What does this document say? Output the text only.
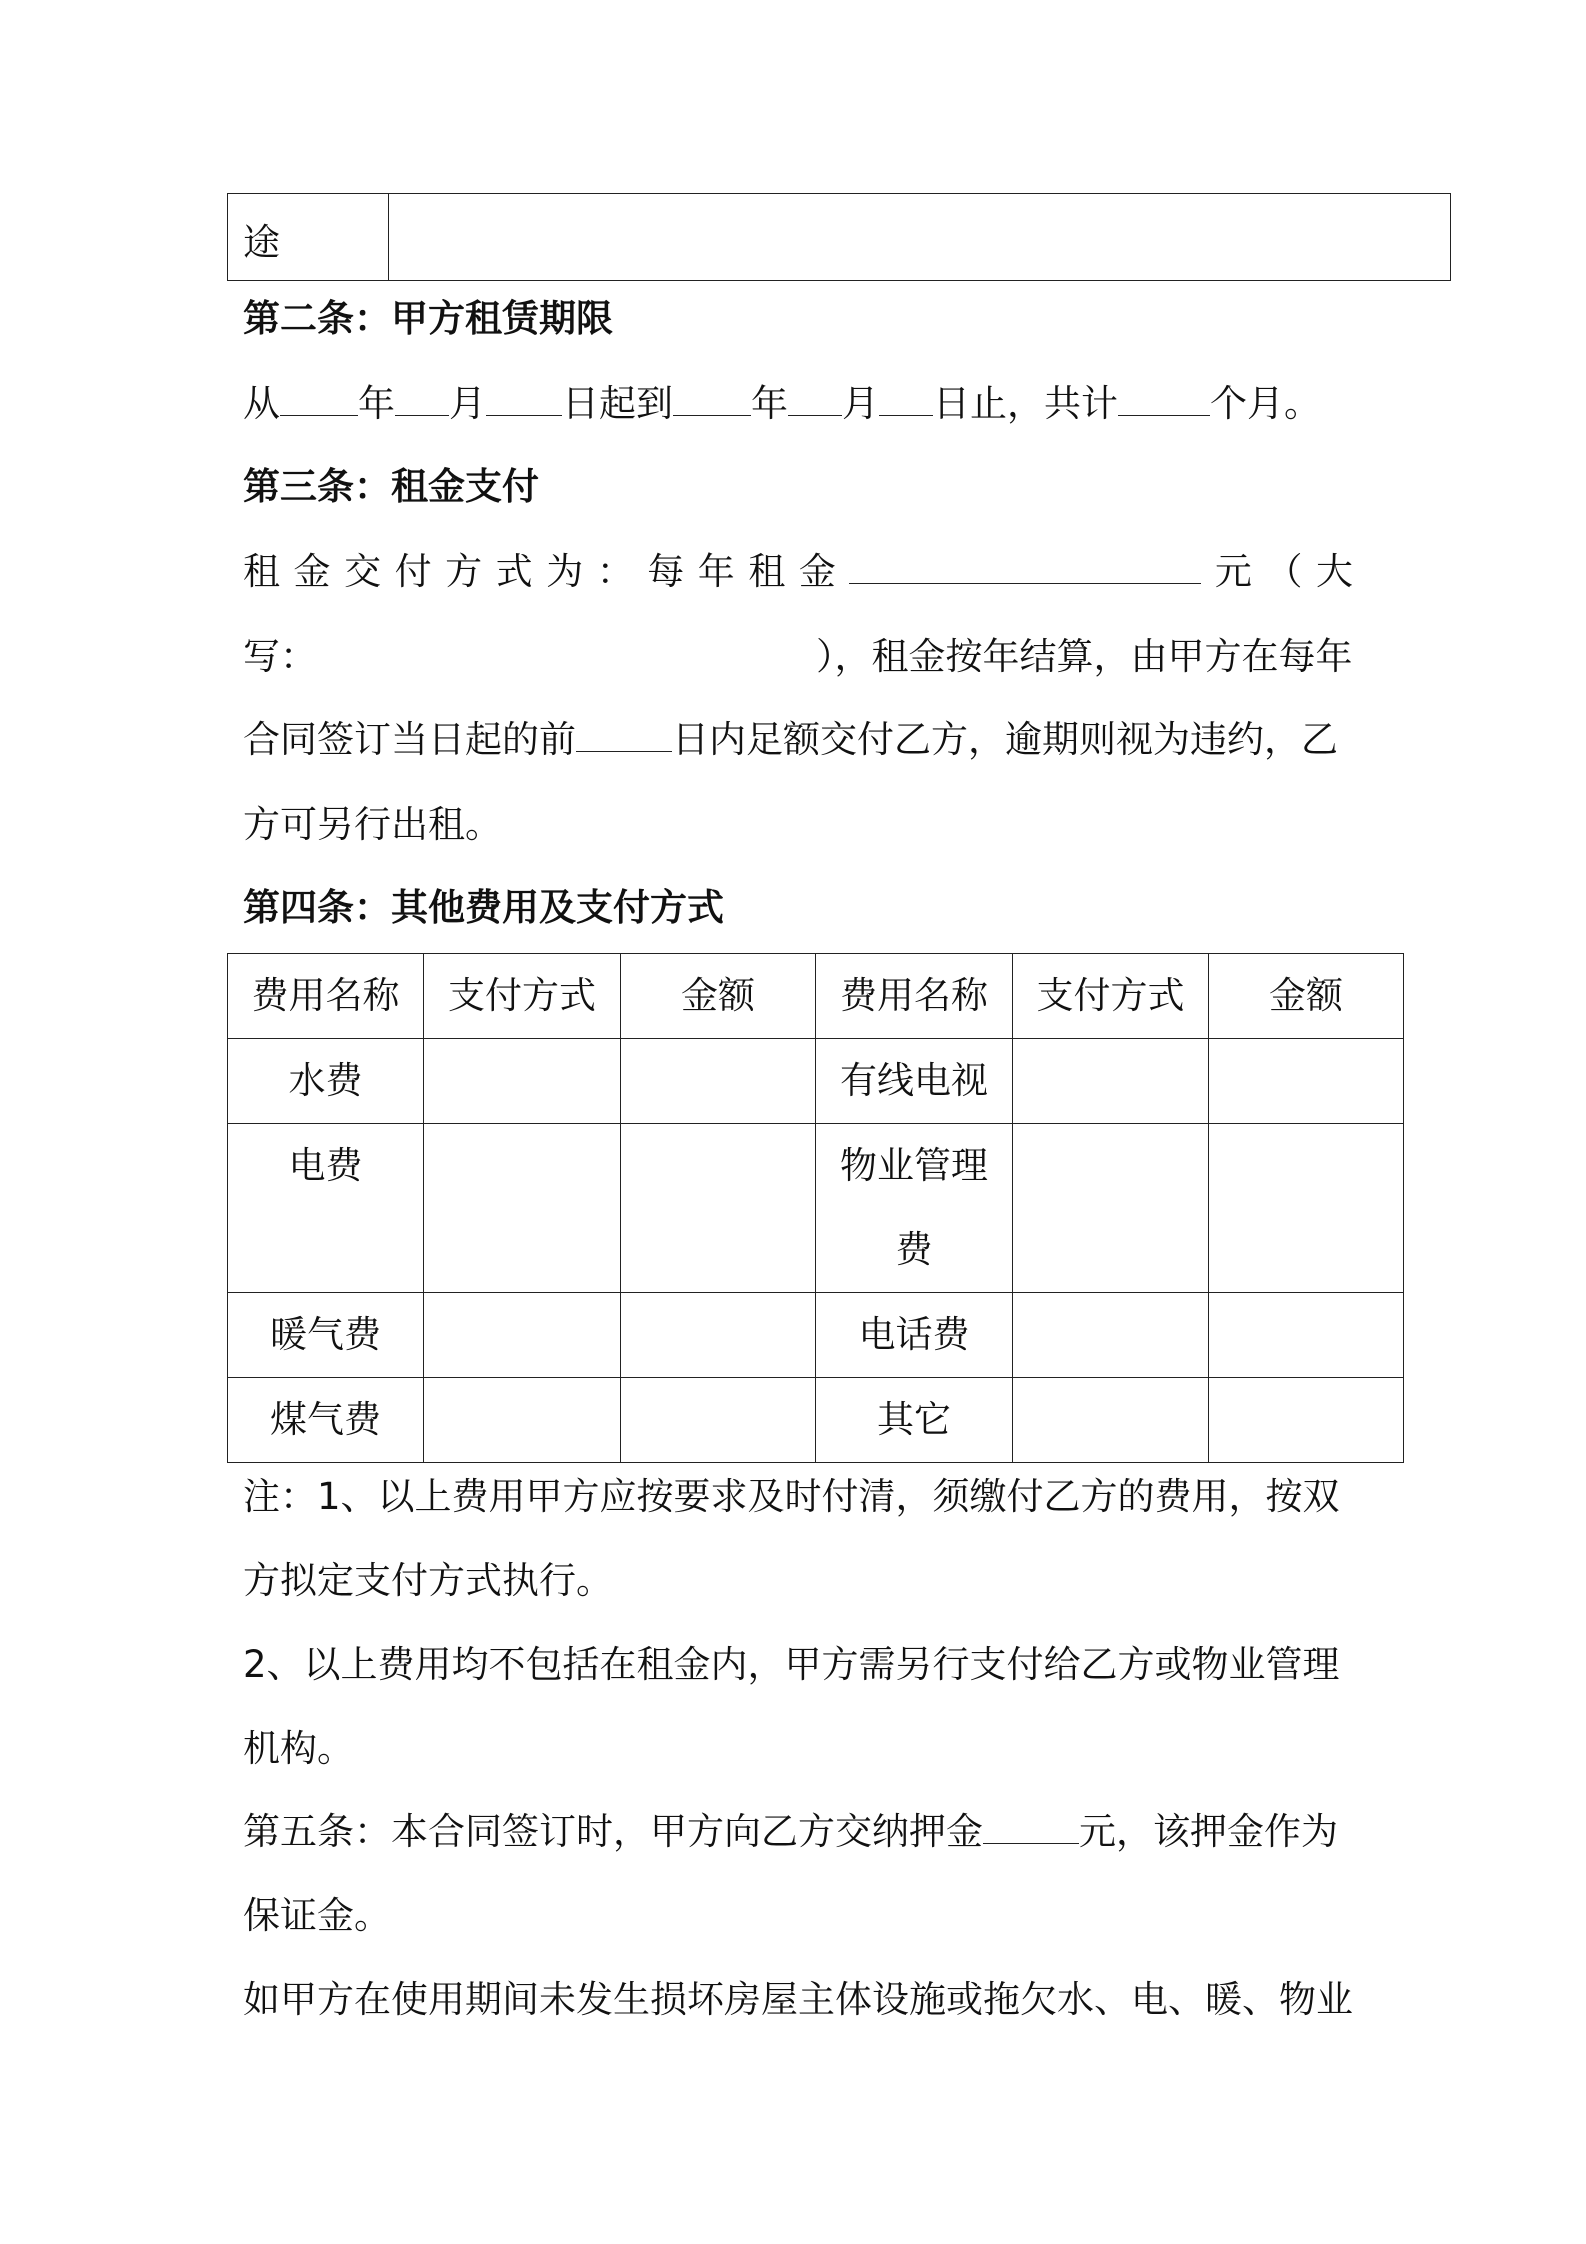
途
第二条：甲方租赁期限
从 年 月 日起到 年 月 日止，共计 个月。
第三条：租金支付
租 金 交 付 方 式 为 ： 每 年 租 金	元 （ 大
写：	），租金按年结算，由甲方在每年
合同签订当日起的前	日内足额交付乙方，逾期则视为违约，乙
方可另行出租。
第四条：其他费用及支付方式
费用名称	支付方式	金额	费用名称	支付方式	金额
水费			有线电视		
电费			物业管理
费		

暖气费			电话费		
煤气费			其它		
注：1、以上费用甲方应按要求及时付清，须缴付乙方的费用，按双
方拟定支付方式执行。
2、以上费用均不包括在租金内，甲方需另行支付给乙方或物业管理
机构。
第五条：本合同签订时，甲方向乙方交纳押金	元，该押金作为
保证金。
如甲方在使用期间未发生损坏房屋主体设施或拖欠水、电、暖、物业
